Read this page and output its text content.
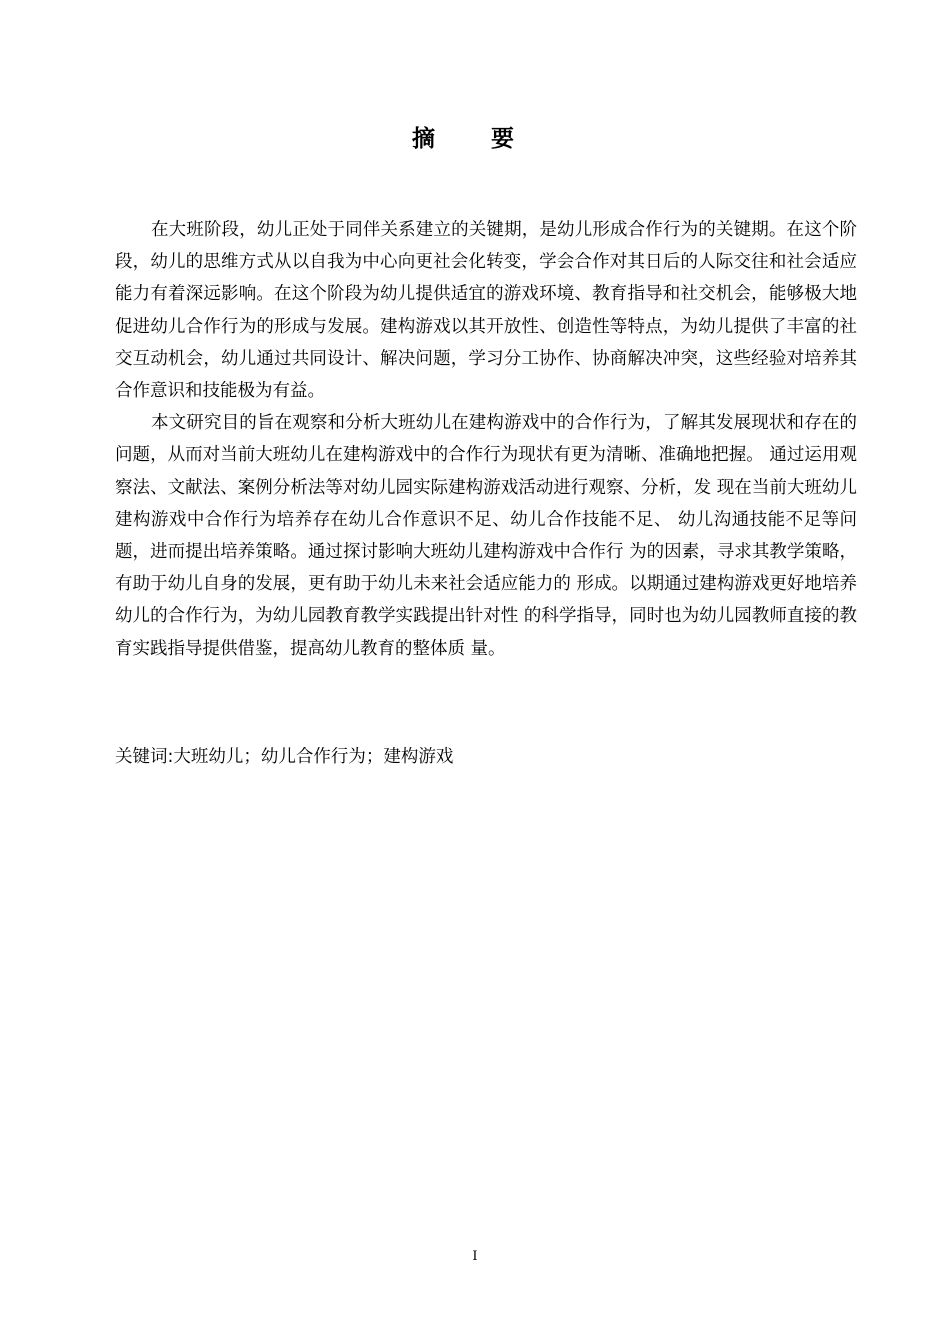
摘 要

在大班阶段，幼儿正处于同伴关系建立的关键期，是幼儿形成合作行为的关键期。在这个阶段，幼儿的思维方式从以自我为中心向更社会化转变，学会合作对其日后的人际交往和社会适应能力有着深远影响。在这个阶段为幼儿提供适宜的游戏环境、教育指导和社交机会，能够极大地促进幼儿合作行为的形成与发展。建构游戏以其开放性、创造性等特点，为幼儿提供了丰富的社交互动机会，幼儿通过共同设计、解决问题，学习分工协作、协商解决冲突，这些经验对培养其合作意识和技能极为有益。

本文研究目的旨在观察和分析大班幼儿在建构游戏中的合作行为，了解其发展现状和存在的问题，从而对当前大班幼儿在建构游戏中的合作行为现状有更为清晰、准确地把握。 通过运用观察法、文献法、案例分析法等对幼儿园实际建构游戏活动进行观察、分析，发 现在当前大班幼儿建构游戏中合作行为培养存在幼儿合作意识不足、幼儿合作技能不足、 幼儿沟通技能不足等问题，进而提出培养策略。通过探讨影响大班幼儿建构游戏中合作行 为的因素，寻求其教学策略，有助于幼儿自身的发展，更有助于幼儿未来社会适应能力的 形成。以期通过建构游戏更好地培养幼儿的合作行为，为幼儿园教育教学实践提出针对性 的科学指导，同时也为幼儿园教师直接的教育实践指导提供借鉴，提高幼儿教育的整体质 量。

关键词:大班幼儿；幼儿合作行为；建构游戏
I
